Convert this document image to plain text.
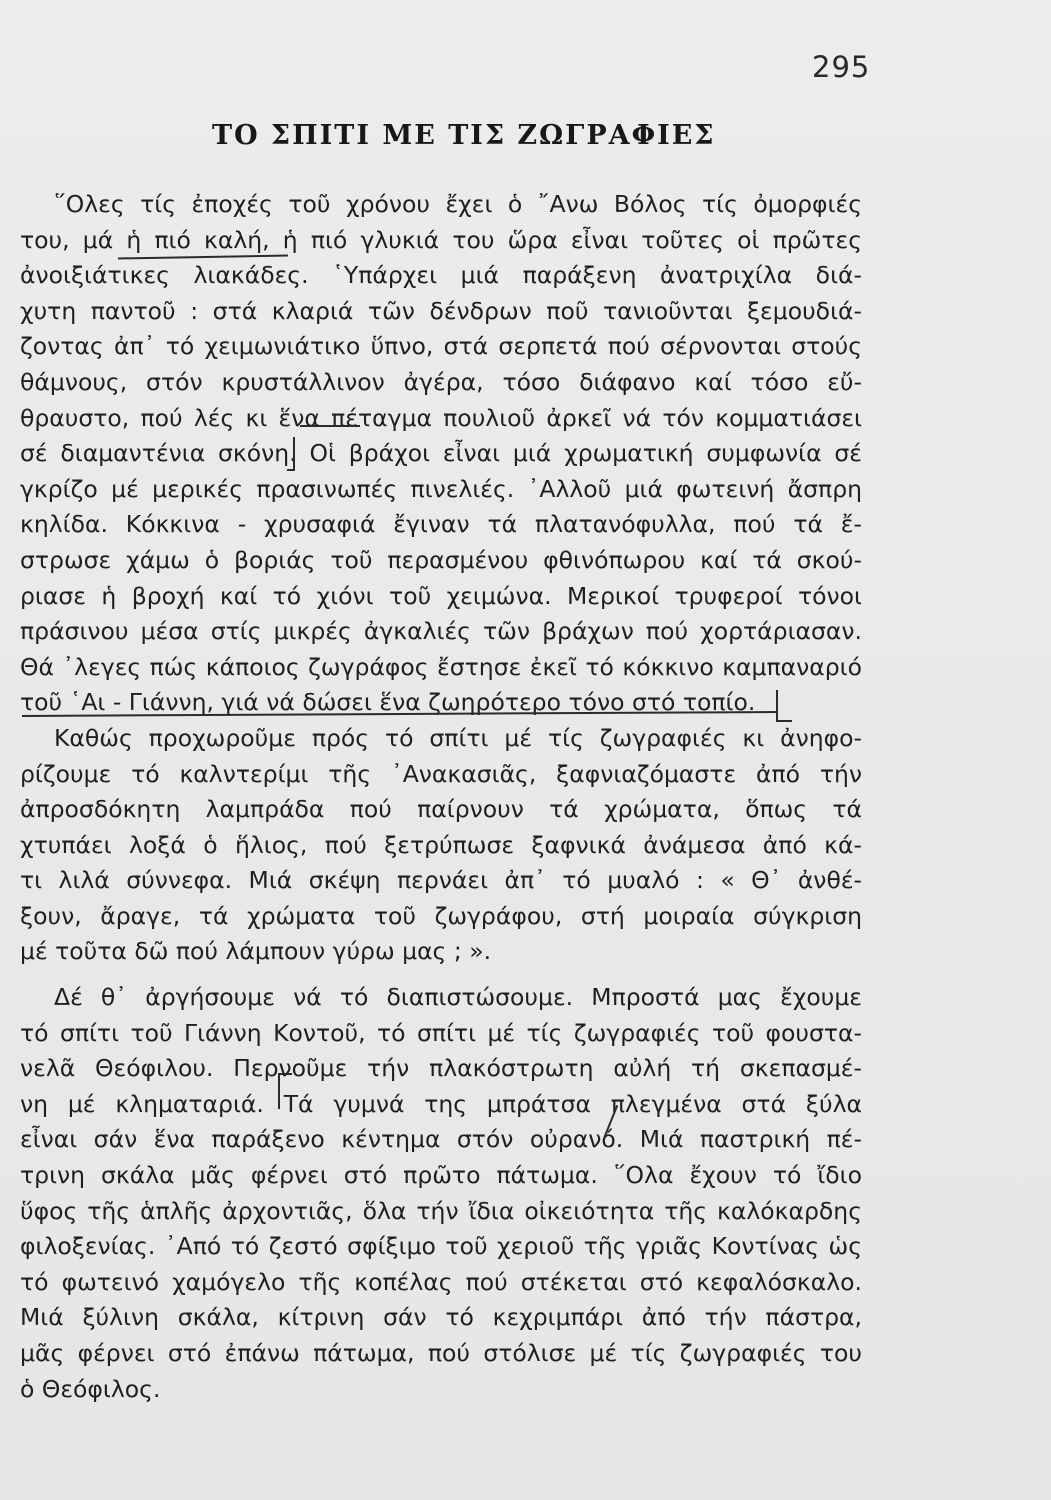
295
ΤΟ ΣΠΙΤΙ ΜΕ ΤΙΣ ΖΩΓΡΑΦΙΕΣ
῞Ολες τίς ἐποχές τοῦ χρόνου ἔχει ὁ ῎Ανω Βόλος τίς ὀμορφιές
του, μά ἡ πιό καλή, ἡ πιό γλυκιά του ὥρα εἶναι τοῦτες οἱ πρῶτες
ἀνοιξιάτικες λιακάδες. ῾Υπάρχει μιά παράξενη ἀνατριχίλα διά-
χυτη παντοῦ : στά κλαριά τῶν δένδρων ποῦ τανιοῦνται ξεμουδιά-
ζοντας ἀπ᾽ τό χειμωνιάτικο ὕπνο, στά σερπετά πού σέρνονται στούς
θάμνους, στόν κρυστάλλινον ἀγέρα, τόσο διάφανο καί τόσο εὔ-
θραυστο, πού λές κι ἕνα πέταγμα πουλιοῦ ἀρκεῖ νά τόν κομματιάσει
σέ διαμαντένια σκόνη. Οἱ βράχοι εἶναι μιά χρωματική συμφωνία σέ
γκρίζο μέ μερικές πρασινωπές πινελιές. ᾽Αλλοῦ μιά φωτεινή ἄσπρη
κηλίδα. Κόκκινα - χρυσαφιά ἔγιναν τά πλατανόφυλλα, πού τά ἔ-
στρωσε χάμω ὁ βοριάς τοῦ περασμένου φθινόπωρου καί τά σκού-
ριασε ἡ βροχή καί τό χιόνι τοῦ χειμώνα. Μερικοί τρυφεροί τόνοι
πράσινου μέσα στίς μικρές ἀγκαλιές τῶν βράχων πού χορτάριασαν.
Θά ᾽λεγες πώς κάποιος ζωγράφος ἔστησε ἐκεῖ τό κόκκινο καμπαναριό
τοῦ ῾Αι - Γιάννη, γιά νά δώσει ἕνα ζωηρότερο τόνο στό τοπίο.
Καθώς προχωροῦμε πρός τό σπίτι μέ τίς ζωγραφιές κι ἀνηφο-
ρίζουμε τό καλντερίμι τῆς ᾽Ανακασιᾶς, ξαφνιαζόμαστε ἀπό τήν
ἀπροσδόκητη λαμπράδα πού παίρνουν τά χρώματα, ὅπως τά
χτυπάει λοξά ὁ ἥλιος, πού ξετρύπωσε ξαφνικά ἀνάμεσα ἀπό κά-
τι λιλά σύννεφα. Μιά σκέψη περνάει ἀπ᾽ τό μυαλό : « Θ᾽ ἀνθέ-
ξουν, ἄραγε, τά χρώματα τοῦ ζωγράφου, στή μοιραία σύγκριση
μέ τοῦτα δῶ πού λάμπουν γύρω μας ; ».
Δέ θ᾽ ἀργήσουμε νά τό διαπιστώσουμε. Μπροστά μας ἔχουμε
τό σπίτι τοῦ Γιάννη Κοντοῦ, τό σπίτι μέ τίς ζωγραφιές τοῦ φουστα-
νελᾶ Θεόφιλου. Περνοῦμε τήν πλακόστρωτη αὐλή τή σκεπασμέ-
νη μέ κληματαριά. Τά γυμνά της μπράτσα πλεγμένα στά ξύλα
εἶναι σάν ἕνα παράξενο κέντημα στόν οὐρανό. Μιά παστρική πέ-
τρινη σκάλα μᾶς φέρνει στό πρῶτο πάτωμα. ῞Ολα ἔχουν τό ἴδιο
ὕφος τῆς ἁπλῆς ἀρχοντιᾶς, ὅλα τήν ἴδια οἰκειότητα τῆς καλόκαρδης
φιλοξενίας. ᾽Από τό ζεστό σφίξιμο τοῦ χεριοῦ τῆς γριᾶς Κοντίνας ὡς
τό φωτεινό χαμόγελο τῆς κοπέλας πού στέκεται στό κεφαλόσκαλο.
Μιά ξύλινη σκάλα, κίτρινη σάν τό κεχριμπάρι ἀπό τήν πάστρα,
μᾶς φέρνει στό ἐπάνω πάτωμα, πού στόλισε μέ τίς ζωγραφιές του
ὁ Θεόφιλος.
